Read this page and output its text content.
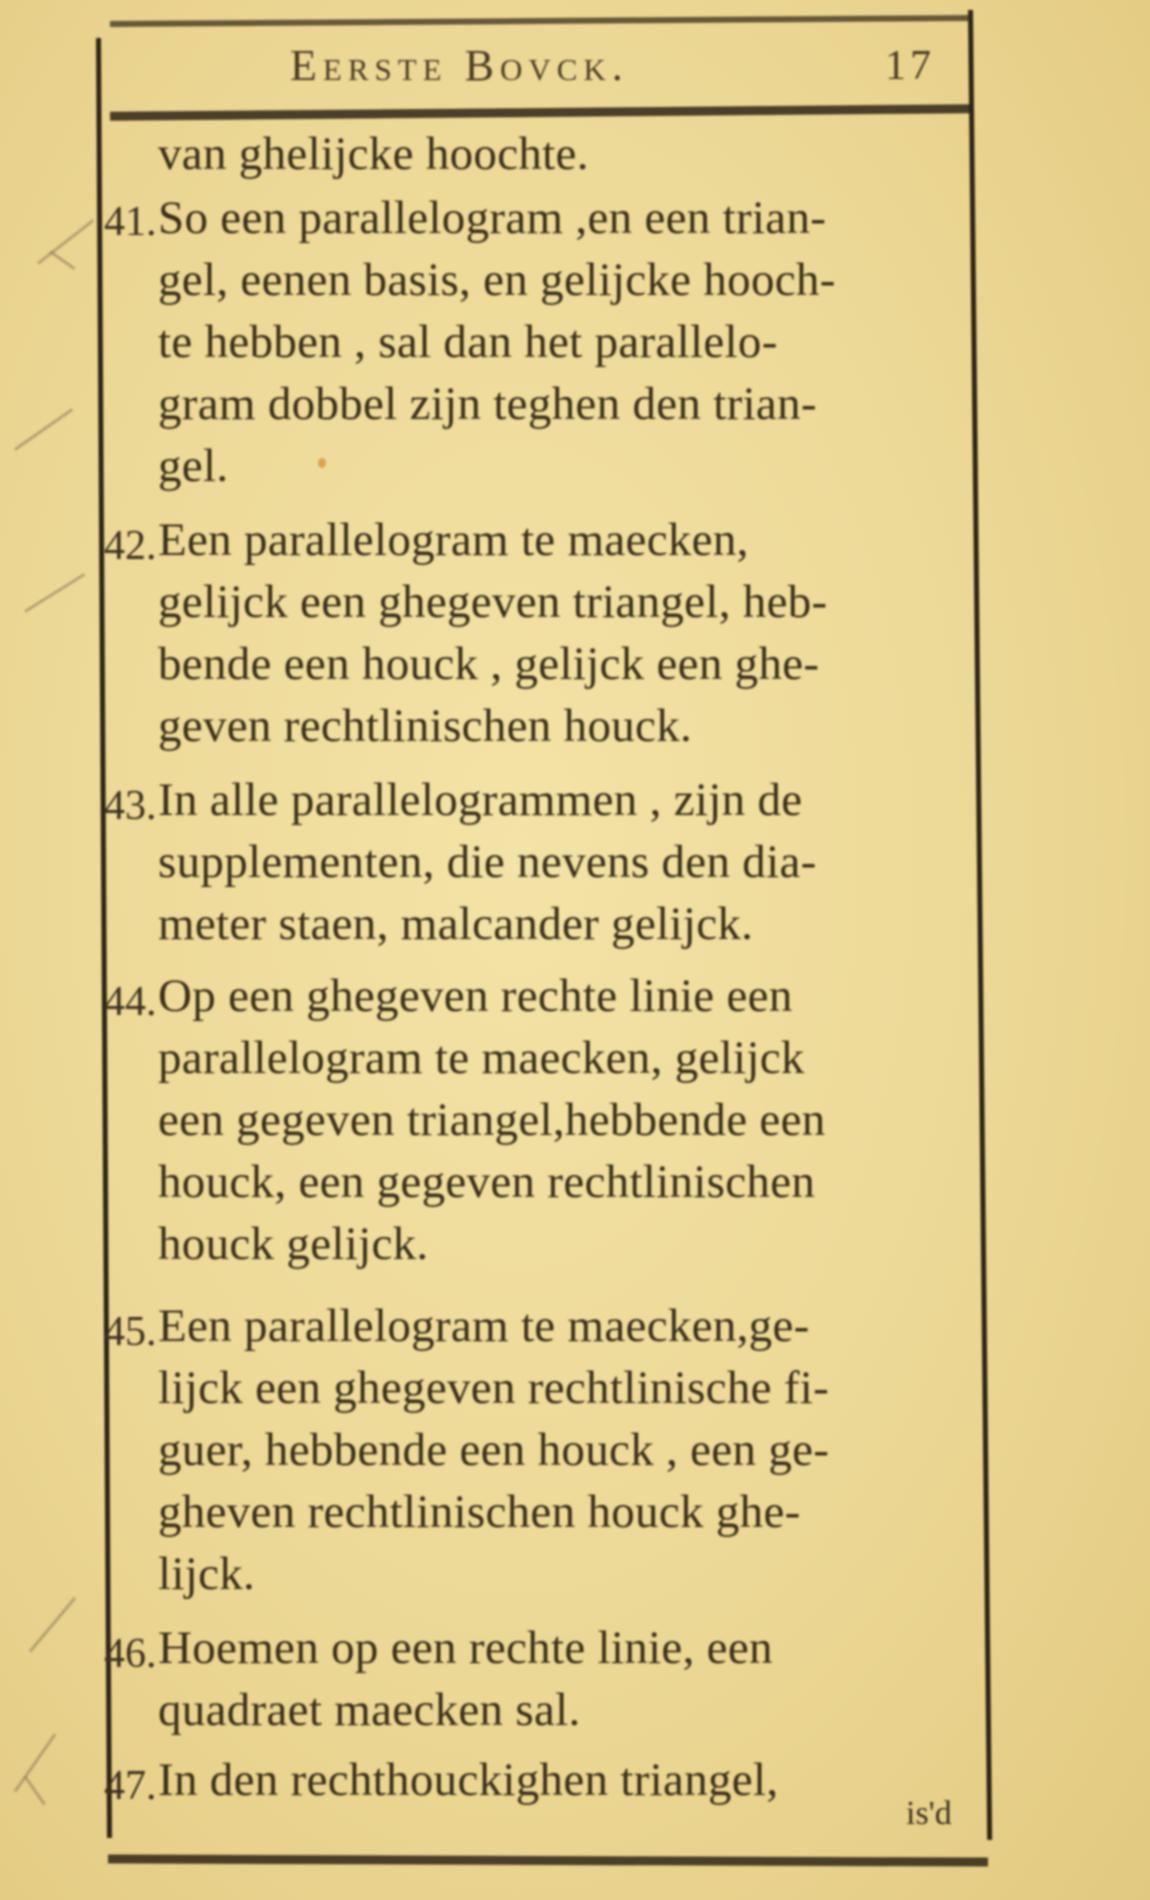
Eerste Bovck.	17
van ghelijcke hoochte.
41. So een parallelogram ,en een trian-
gel, eenen basis, en gelijcke hooch-
te hebben , sal dan het parallelo-
gram dobbel zijn teghen den trian-
gel.
42. Een parallelogram te maecken,
gelijck een ghegeven triangel, heb-
bende een houck , gelijck een ghe-
geven rechtlinischen houck.
43. In alle parallelogrammen , zijn de
supplementen, die nevens den dia-
meter staen, malcander gelijck.
44. Op een ghegeven rechte linie een
parallelogram te maecken, gelijck
een gegeven triangel,hebbende een
houck, een gegeven rechtlinischen
houck gelijck.
45. Een parallelogram te maecken,ge-
lijck een ghegeven rechtlinische fi-
guer, hebbende een houck , een ge-
gheven rechtlinischen houck ghe-
lijck.
46. Hoemen op een rechte linie, een
quadraet maecken sal.
47. In den rechthouckighen triangel,
is'd
